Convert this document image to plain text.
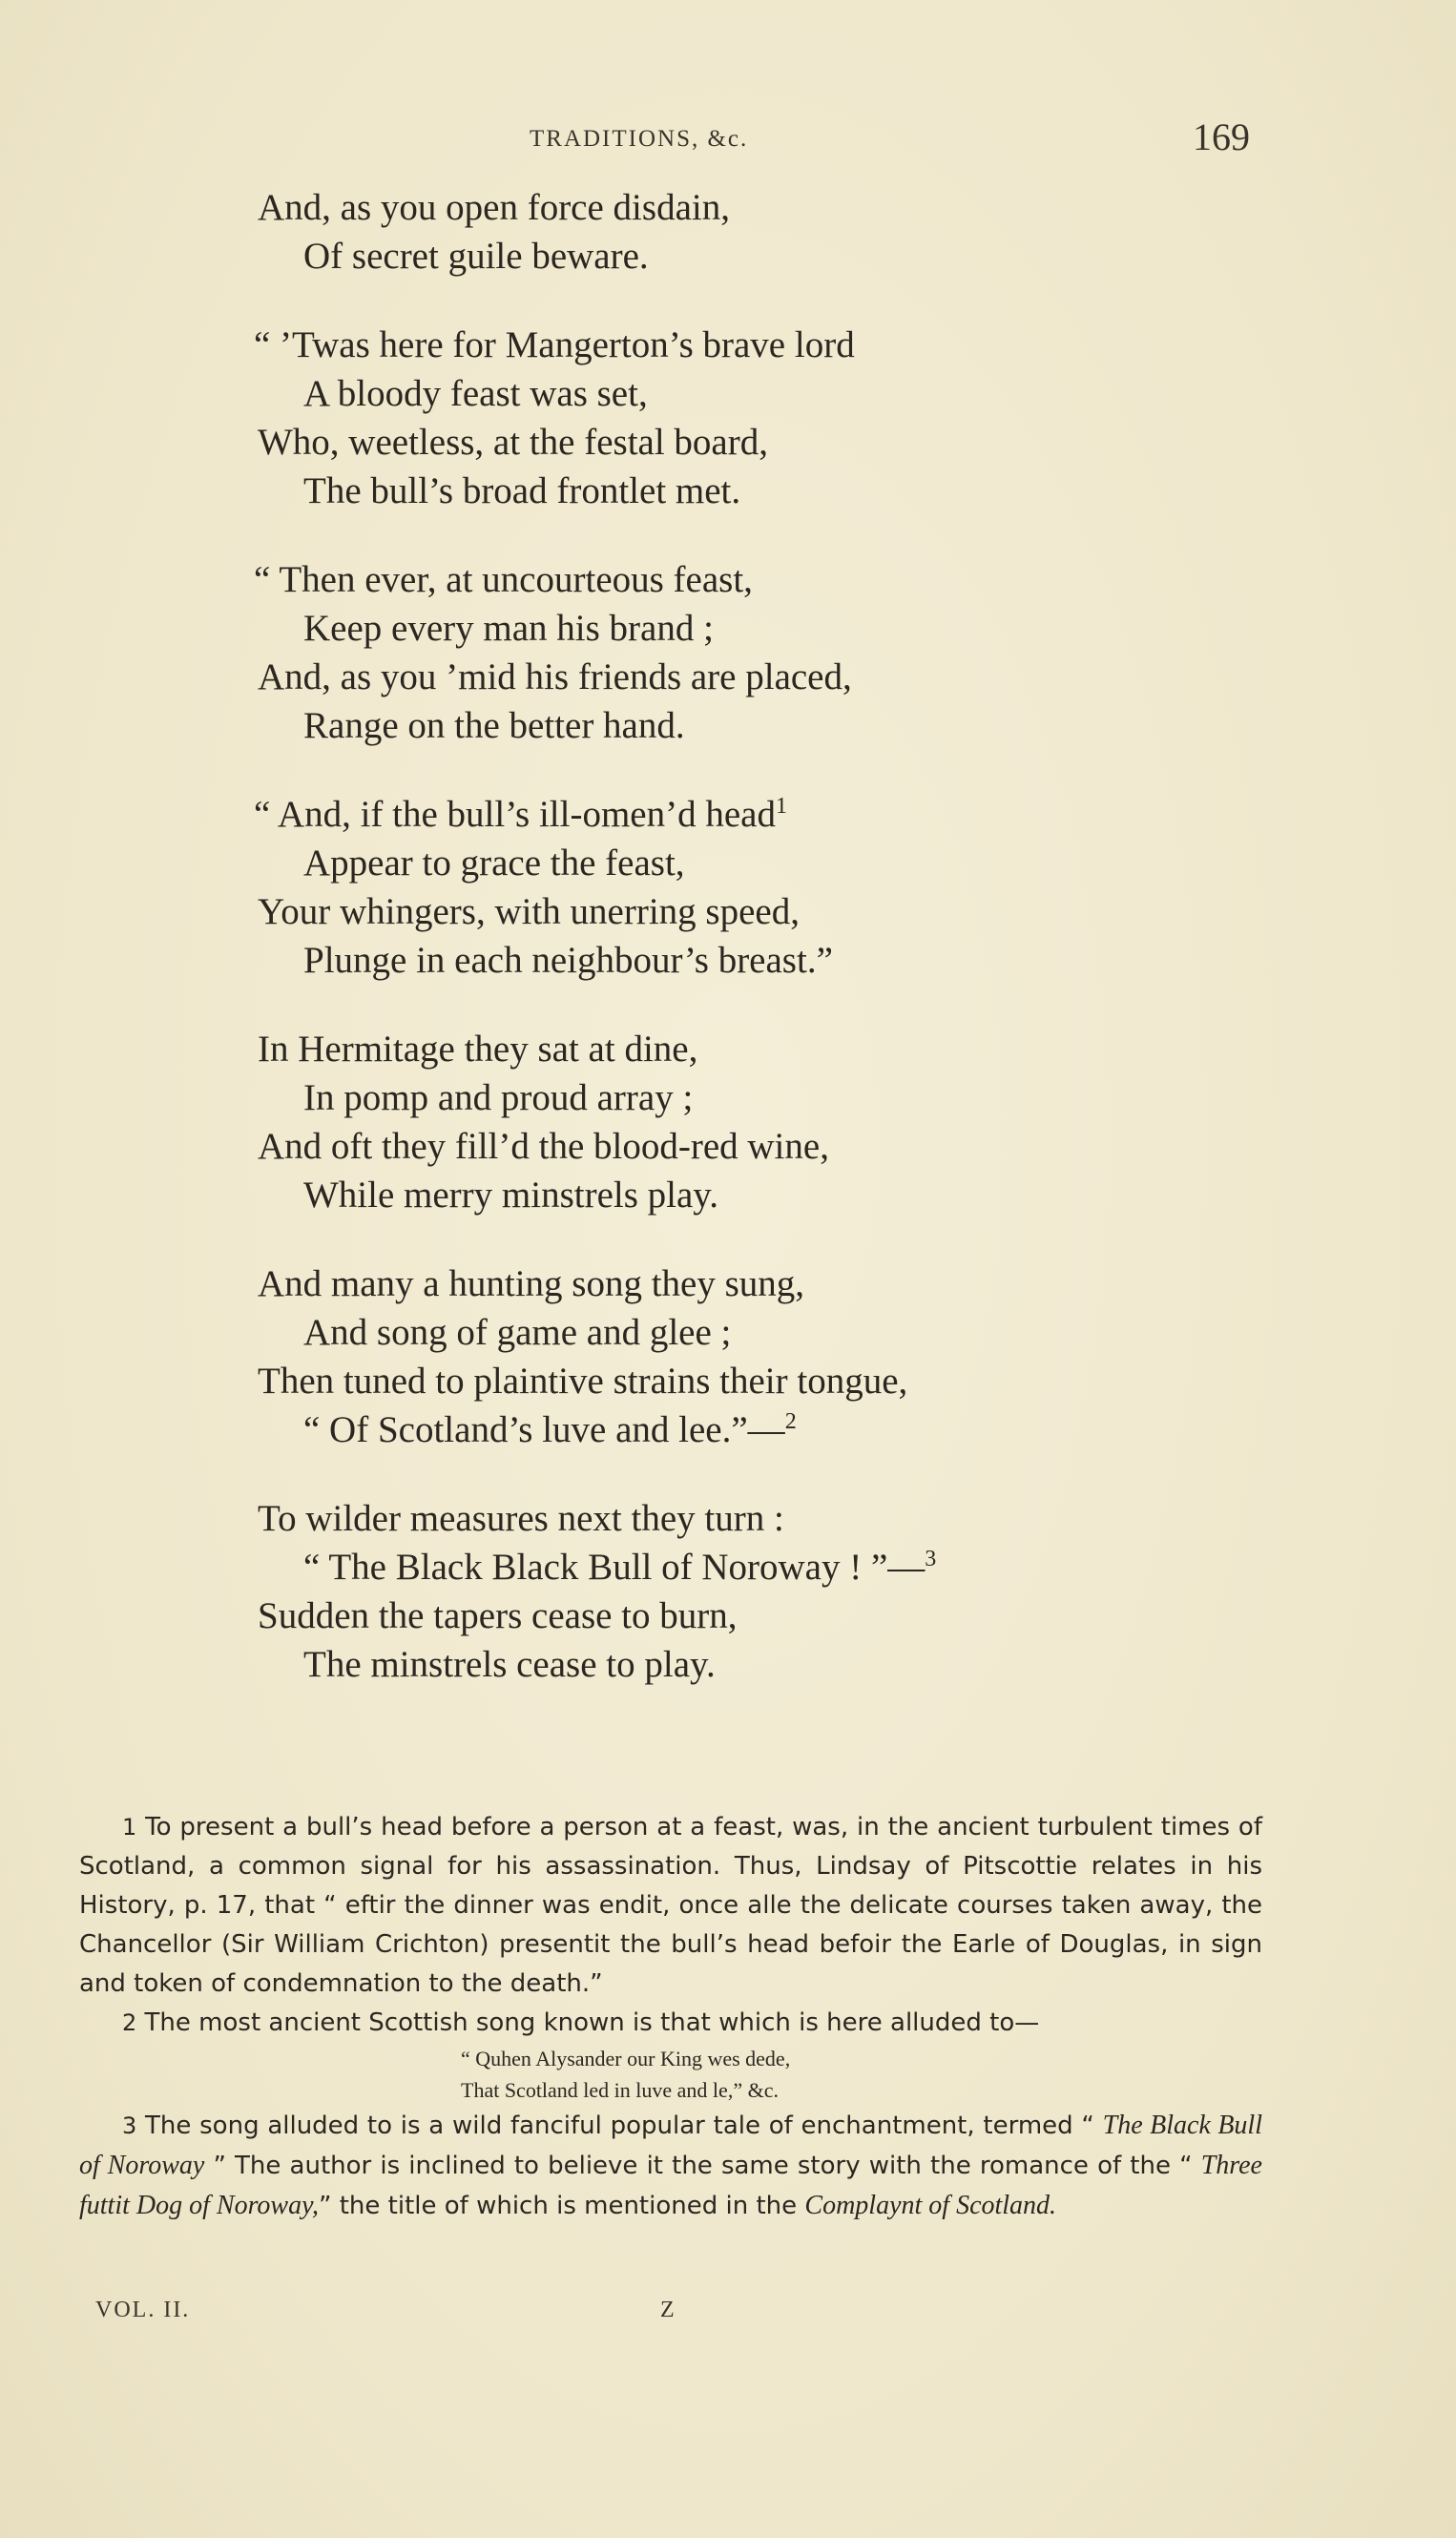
TRADITIONS, &c.	169
And, as you open force disdain,
Of secret guile beware.
“ ’Twas here for Mangerton’s brave lord
A bloody feast was set,
Who, weetless, at the festal board,
The bull’s broad frontlet met.
“ Then ever, at uncourteous feast,
Keep every man his brand ;
And, as you ’mid his friends are placed,
Range on the better hand.
“ And, if the bull’s ill-omen’d head$^1$
Appear to grace the feast,
Your whingers, with unerring speed,
Plunge in each neighbour’s breast.”
In Hermitage they sat at dine,
In pomp and proud array ;
And oft they fill’d the blood-red wine,
While merry minstrels play.
And many a hunting song they sung,
And song of game and glee ;
Then tuned to plaintive strains their tongue,
“ Of Scotland’s luve and lee.”—$^2$
To wilder measures next they turn :
“ The Black Black Bull of Noroway ! ”—$^3$
Sudden the tapers cease to burn,
The minstrels cease to play.

1 To present a bull’s head before a person at a feast, was, in the ancient turbulent times of Scotland, a common signal for his assassination. Thus, Lindsay of Pitscottie relates in his History, p. 17, that “ eftir the dinner was endit, once alle the delicate courses taken away, the Chancellor (Sir William Crichton) presentit the bull’s head befoir the Earle of Douglas, in sign and token of condemnation to the death.”

2 The most ancient Scottish song known is that which is here alluded to—

“ Quhen Alysander our King wes dede,
That Scotland led in luve and le,” &c.

3 The song alluded to is a wild fanciful popular tale of enchantment, termed “ The Black Bull of Noroway ” The author is inclined to believe it the same story with the romance of the “ Three futtit Dog of Noroway,” the title of which is mentioned in the Complaynt of Scotland.

VOL. II.	Z
